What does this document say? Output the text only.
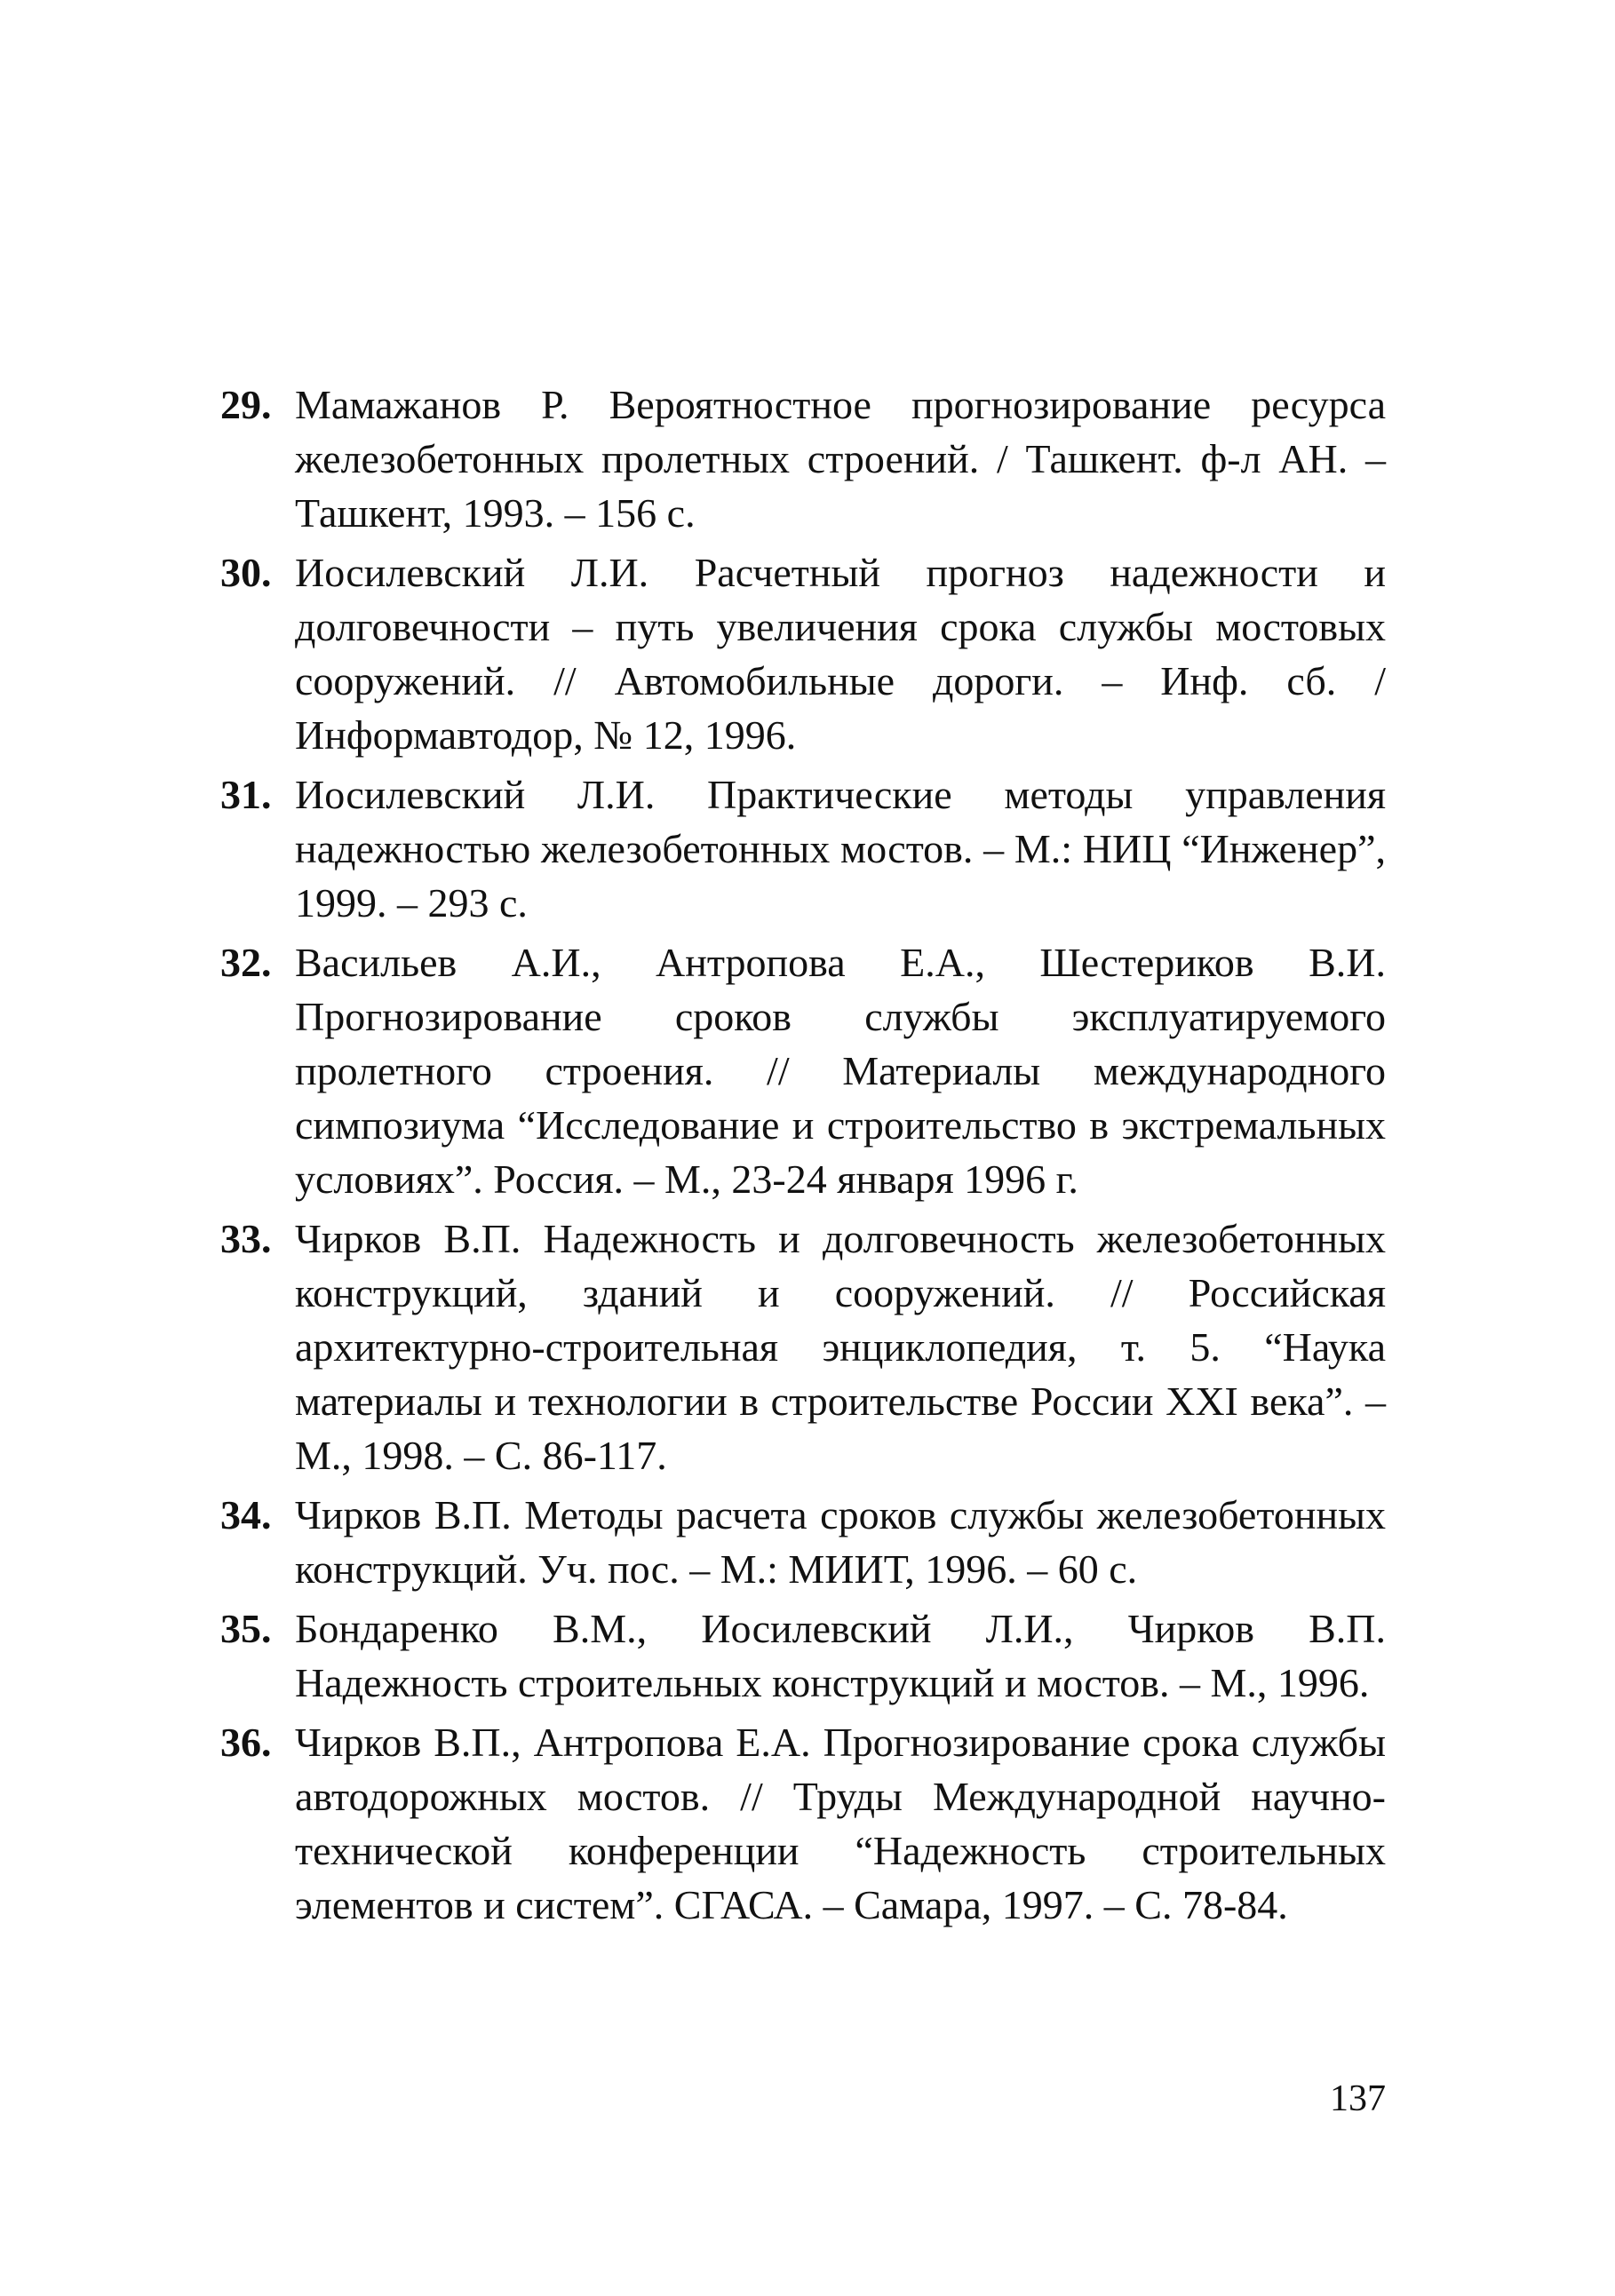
29. Мамажанов Р. Вероятностное прогнозирование ресурса железобетонных пролетных строений. / Ташкент. ф-л АН. – Ташкент, 1993. – 156 с.
30. Иосилевский Л.И. Расчетный прогноз надежности и долговечности – путь увеличения срока службы мостовых сооружений. // Автомобильные дороги. – Инф. сб. / Информавтодор, № 12, 1996.
31. Иосилевский Л.И. Практические методы управления надежностью железобетонных мостов. – М.: НИЦ “Инженер”, 1999. – 293 с.
32. Васильев А.И., Антропова Е.А., Шестериков В.И. Прогнозирование сроков службы эксплуатируемого пролетного строения. // Материалы международного симпозиума “Исследование и строительство в экстремальных условиях”. Россия. – М., 23-24 января 1996 г.
33. Чирков В.П. Надежность и долговечность железобетонных конструкций, зданий и сооружений. // Российская архитектурно-строительная энциклопедия, т. 5. “Наука материалы и технологии в строительстве России XXI века”. – М., 1998. – С. 86-117.
34. Чирков В.П. Методы расчета сроков службы железобетонных конструкций. Уч. пос. – М.: МИИТ, 1996. – 60 с.
35. Бондаренко В.М., Иосилевский Л.И., Чирков В.П. Надежность строительных конструкций и мостов. – М., 1996.
36. Чирков В.П., Антропова Е.А. Прогнозирование срока службы автодорожных мостов. // Труды Международной научно-технической конференции “Надежность строительных элементов и систем”. СГАСА. – Самара, 1997. – С. 78-84.
137
